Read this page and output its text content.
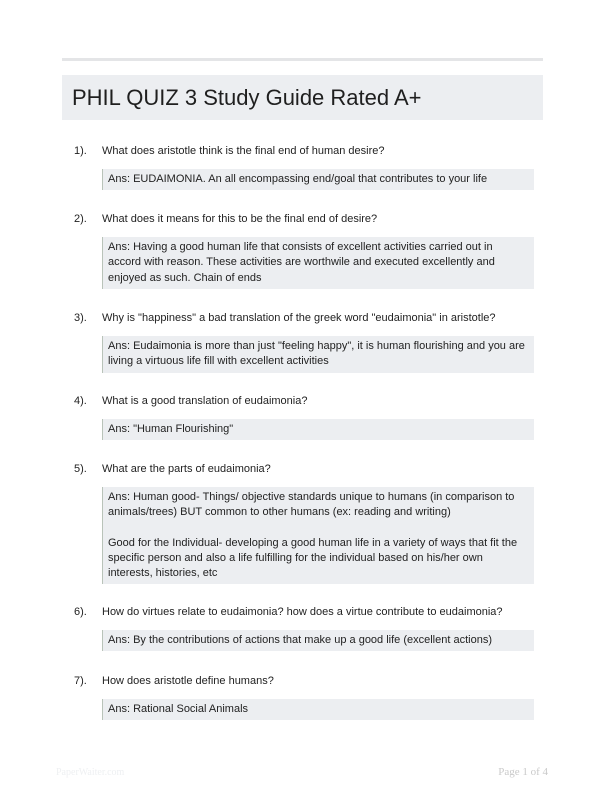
PHIL QUIZ 3 Study Guide Rated A+
1). What does aristotle think is the final end of human desire?

Ans: EUDAIMONIA. An all encompassing end/goal that contributes to your life

2). What does it means for this to be the final end of desire?

Ans: Having a good human life that consists of excellent activities carried out in accord with reason. These activities are worthwile and executed excellently and enjoyed as such. Chain of ends

3). Why is "happiness" a bad translation of the greek word "eudaimonia" in aristotle?

Ans: Eudaimonia is more than just "feeling happy", it is human flourishing and you are living a virtuous life fill with excellent activities

4). What is a good translation of eudaimonia?

Ans: "Human Flourishing"

5). What are the parts of eudaimonia?

Ans: Human good- Things/ objective standards unique to humans (in comparison to animals/trees) BUT common to other humans (ex: reading and writing)

Good for the Individual- developing a good human life in a variety of ways that fit the specific person and also a life fulfilling for the individual based on his/her own interests, histories, etc

6). How do virtues relate to eudaimonia? how does a virtue contribute to eudaimonia?

Ans: By the contributions of actions that make up a good life (excellent actions)

7). How does aristotle define humans?

Ans: Rational Social Animals

PaperWaiter.com	Page 1 of 4
